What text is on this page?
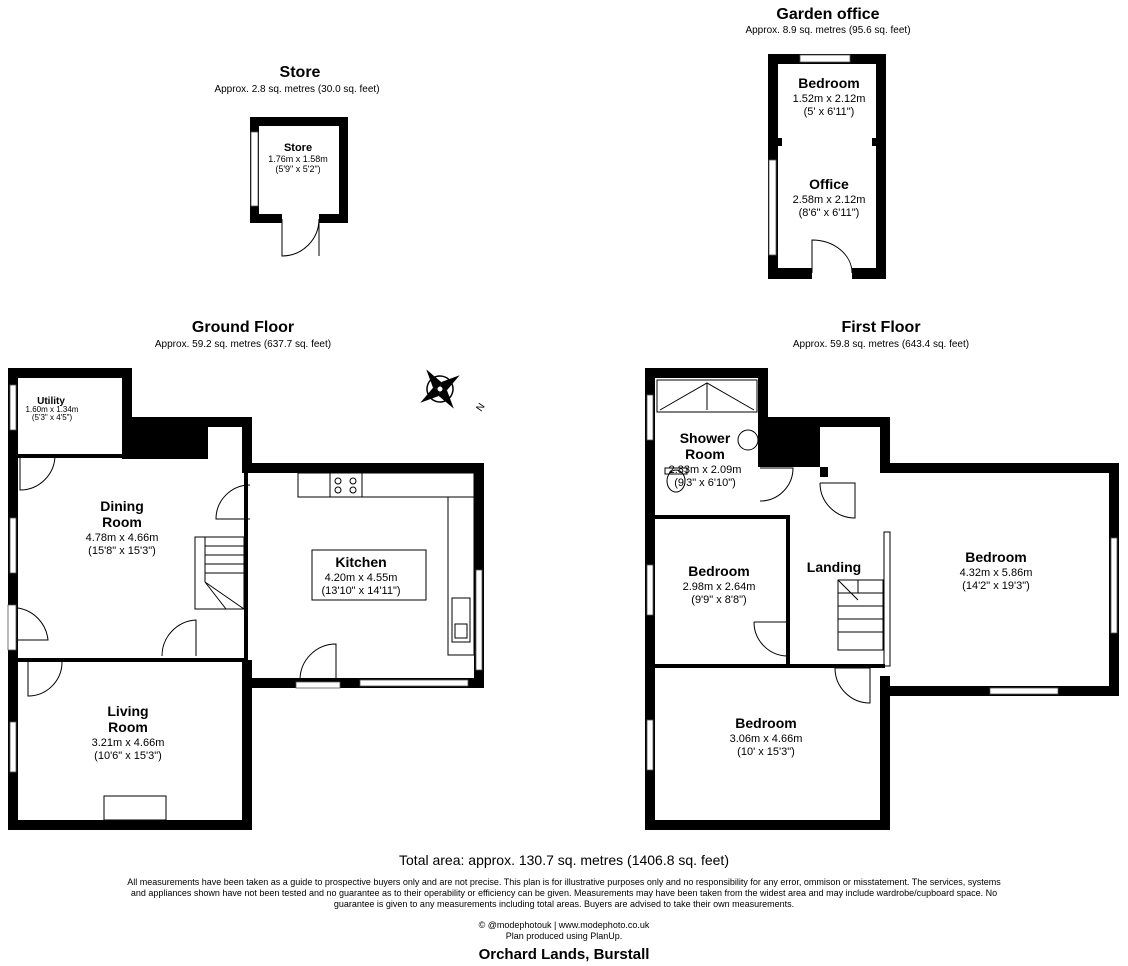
Store
Approx. 2.8 sq. metres (30.0 sq. feet)
Store
1.76m x 1.58m
(5'9" x 5'2")
Garden office
Approx. 8.9 sq. metres (95.6 sq. feet)
Bedroom
1.52m x 2.12m
(5' x 6'11")
Office
2.58m x 2.12m
(8'6" x 6'11")
Ground Floor
Approx. 59.2 sq. metres (637.7 sq. feet)
N
Utility
1.60m x 1.34m
(5'3" x 4'5")
Dining
Room
4.78m x 4.66m
(15'8" x 15'3")
Kitchen
4.20m x 4.55m
(13'10" x 14'11")
Living
Room
3.21m x 4.66m
(10'6" x 15'3")
First Floor
Approx. 59.8 sq. metres (643.4 sq. feet)
Shower
Room
2.83m x 2.09m
(9'3" x 6'10")
Bedroom
2.98m x 2.64m
(9'9" x 8'8")
Landing
Bedroom
4.32m x 5.86m
(14'2" x 19'3")
Bedroom
3.06m x 4.66m
(10' x 15'3")
Total area: approx. 130.7 sq. metres (1406.8 sq. feet)
All measurements have been taken as a guide to prospective buyers only and are not precise. This plan is for illustrative purposes only and no responsibility for any error, ommison or misstatement. The services, systems and appliances shown have not been tested and no guarantee as to their operability or efficiency can be given. Measurements may have been taken from the widest area and may include wardrobe/cupboard space. No guarantee is given to any measurements including total areas. Buyers are advised to take their own measurements.
© @modephotouk | www.modephoto.co.uk
Plan produced using PlanUp.
Orchard Lands, Burstall
